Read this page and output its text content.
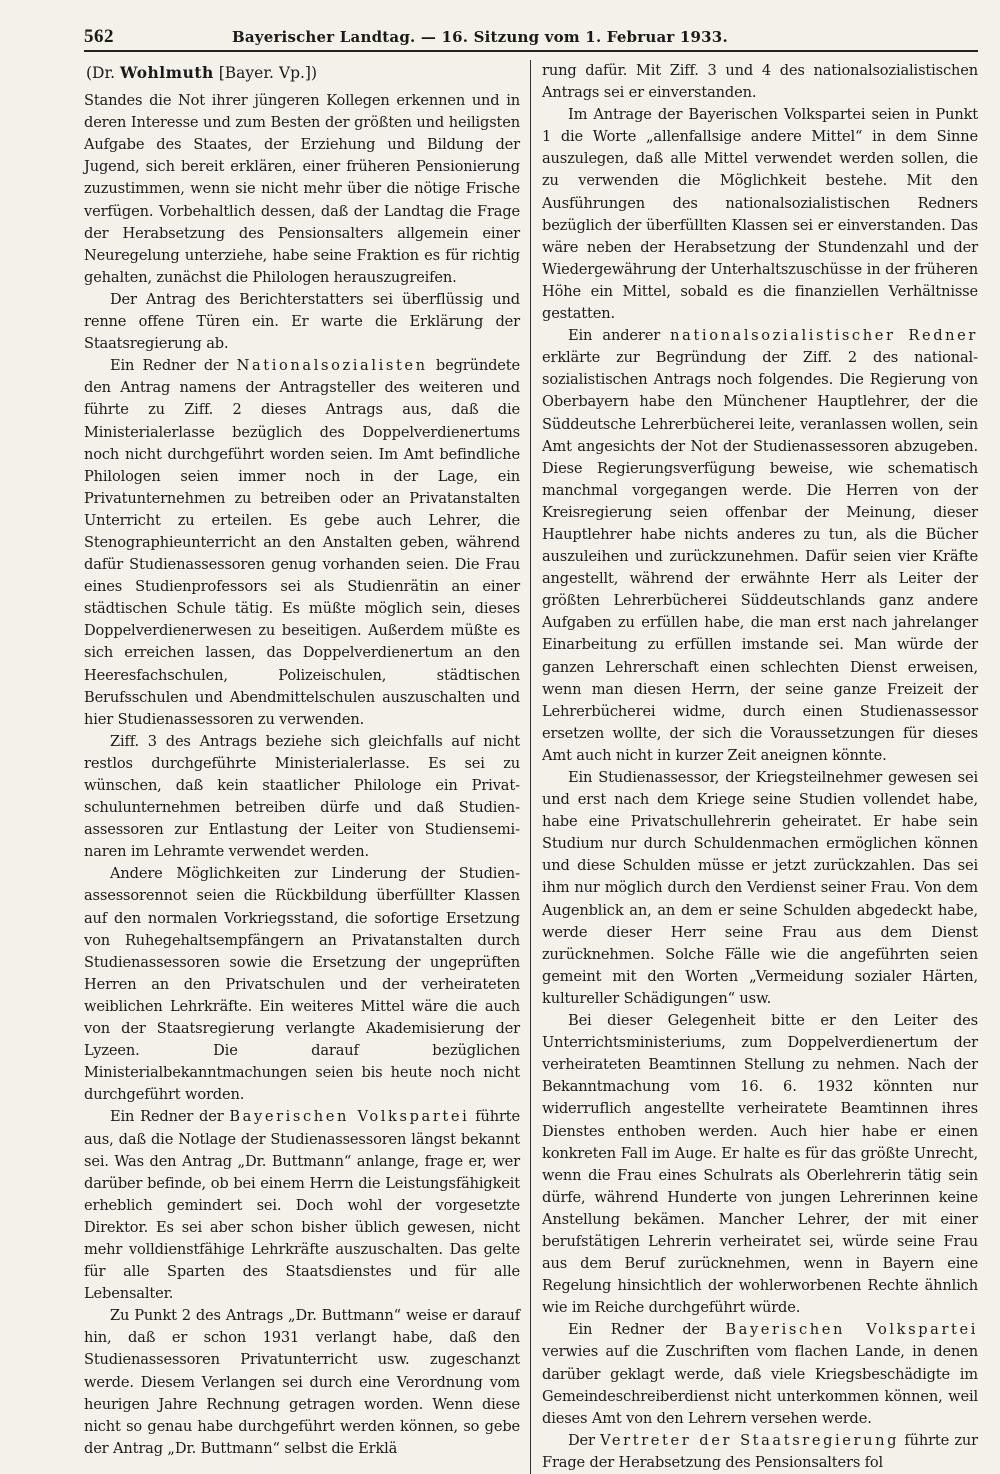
562	Bayerischer Landtag. — 16. Sitzung vom 1. Februar 1933.
(Dr. Wohlmuth [Bayer. Vp.])

Standes die Not ihrer jüngeren Kollegen erkennen und in deren Interesse und zum Besten der größten und heiligsten Aufgabe des Staates, der Erziehung und Bildung der Jugend, sich bereit erklären, einer früheren Pensionierung zuzustimmen, wenn sie nicht mehr über die nötige Frische verfügen. Vorbehaltlich dessen, daß der Landtag die Frage der Herabsetzung des Pensionsalters allgemein einer Neuregelung unterziehe, habe seine Fraktion es für richtig gehalten, zunächst die Philologen herauszugreifen.

Der Antrag des Berichterstatters sei überflüssig und renne offene Türen ein. Er warte die Erklärung der Staatsregierung ab.

Ein Redner der Nationalsozialisten begründete den Antrag namens der Antragsteller des weiteren und führte zu Ziff. 2 dieses Antrags aus, daß die Ministerialerlasse bezüglich des Doppelverdienertums noch nicht durchgeführt worden seien. Im Amt befindliche Philologen seien immer noch in der Lage, ein Privatunternehmen zu betreiben oder an Privatanstalten Unterricht zu erteilen. Es gebe auch Lehrer, die Stenographieunterricht an den Anstalten geben, während dafür Studienassessoren genug vorhanden seien. Die Frau eines Studienprofessors sei als Studienrätin an einer städtischen Schule tätig. Es müßte möglich sein, dieses Doppelverdienerwesen zu beseitigen. Außerdem müßte es sich erreichen lassen, das Doppelverdienertum an den Heeresfachschulen, Polizeischulen, städtischen Berufsschulen und Abendmittelschulen auszuschalten und hier Studienassessoren zu verwenden.

Ziff. 3 des Antrags beziehe sich gleichfalls auf nicht restlos durchgeführte Ministerialerlasse. Es sei zu wünschen, daß kein staatlicher Philologe ein Privatschulunternehmen betreiben dürfe und daß Studienassessoren zur Entlastung der Leiter von Studienseminaren im Lehramte verwendet werden.

Andere Möglichkeiten zur Linderung der Studienassessorennot seien die Rückbildung überfüllter Klassen auf den normalen Vorkriegsstand, die sofortige Ersetzung von Ruhegehaltsempfängern an Privatanstalten durch Studienassessoren sowie die Ersetzung der ungeprüften Herren an den Privatschulen und der verheirateten weiblichen Lehrkräfte. Ein weiteres Mittel wäre die auch von der Staatsregierung verlangte Akademisierung der Lyzeen. Die darauf bezüglichen Ministerialbekanntmachungen seien bis heute noch nicht durchgeführt worden.

Ein Redner der Bayerischen Volkspartei führte aus, daß die Notlage der Studienassessoren längst bekannt sei. Was den Antrag „Dr. Buttmann“ anlange, frage er, wer darüber befinde, ob bei einem Herrn die Leistungsfähigkeit erheblich gemindert sei. Doch wohl der vorgesetzte Direktor. Es sei aber schon bisher üblich gewesen, nicht mehr volldienstfähige Lehrkräfte auszuschalten. Das gelte für alle Sparten des Staatsdienstes und für alle Lebensalter.

Zu Punkt 2 des Antrags „Dr. Buttmann“ weise er darauf hin, daß er schon 1931 verlangt habe, daß den Studienassessoren Privatunterricht usw. zugeschanzt werde. Diesem Verlangen sei durch eine Verordnung vom heurigen Jahre Rechnung getragen worden. Wenn diese nicht so genau habe durchgeführt werden können, so gebe der Antrag „Dr. Buttmann“ selbst die Erklä

rung dafür. Mit Ziff. 3 und 4 des nationalsozialistischen Antrags sei er einverstanden.

Im Antrage der Bayerischen Volkspartei seien in Punkt 1 die Worte „allenfallsige andere Mittel“ in dem Sinne auszulegen, daß alle Mittel verwendet werden sollen, die zu verwenden die Möglichkeit bestehe. Mit den Ausführungen des nationalsozialistischen Redners bezüglich der überfüllten Klassen sei er einverstanden. Das wäre neben der Herabsetzung der Stundenzahl und der Wiedergewährung der Unterhaltszuschüsse in der früheren Höhe ein Mittel, sobald es die finanziellen Verhältnisse gestatten.

Ein anderer nationalsozialistischer Redner erklärte zur Begründung der Ziff. 2 des nationalsozialistischen Antrags noch folgendes. Die Regierung von Oberbayern habe den Münchener Hauptlehrer, der die Süddeutsche Lehrerbücherei leite, veranlassen wollen, sein Amt angesichts der Not der Studienassessoren abzugeben. Diese Regierungsverfügung beweise, wie schematisch manchmal vorgegangen werde. Die Herren von der Kreisregierung seien offenbar der Meinung, dieser Hauptlehrer habe nichts anderes zu tun, als die Bücher auszuleihen und zurückzunehmen. Dafür seien vier Kräfte angestellt, während der erwähnte Herr als Leiter der größten Lehrerbücherei Süddeutschlands ganz andere Aufgaben zu erfüllen habe, die man erst nach jahrelanger Einarbeitung zu erfüllen imstande sei. Man würde der ganzen Lehrerschaft einen schlechten Dienst erweisen, wenn man diesen Herrn, der seine ganze Freizeit der Lehrerbücherei widme, durch einen Studienassessor ersetzen wollte, der sich die Voraussetzungen für dieses Amt auch nicht in kurzer Zeit aneignen könnte.

Ein Studienassessor, der Kriegsteilnehmer gewesen sei und erst nach dem Kriege seine Studien vollendet habe, habe eine Privatschullehrerin geheiratet. Er habe sein Studium nur durch Schuldenmachen ermöglichen können und diese Schulden müsse er jetzt zurückzahlen. Das sei ihm nur möglich durch den Verdienst seiner Frau. Von dem Augenblick an, an dem er seine Schulden abgedeckt habe, werde dieser Herr seine Frau aus dem Dienst zurücknehmen. Solche Fälle wie die angeführten seien gemeint mit den Worten „Vermeidung sozialer Härten, kultureller Schädigungen“ usw.

Bei dieser Gelegenheit bitte er den Leiter des Unterrichtsministeriums, zum Doppelverdienertum der verheirateten Beamtinnen Stellung zu nehmen. Nach der Bekanntmachung vom 16. 6. 1932 könnten nur widerruflich angestellte verheiratete Beamtinnen ihres Dienstes enthoben werden. Auch hier habe er einen konkreten Fall im Auge. Er halte es für das größte Unrecht, wenn die Frau eines Schulrats als Oberlehrerin tätig sein dürfe, während Hunderte von jungen Lehrerinnen keine Anstellung bekämen. Mancher Lehrer, der mit einer berufstätigen Lehrerin verheiratet sei, würde seine Frau aus dem Beruf zurücknehmen, wenn in Bayern eine Regelung hinsichtlich der wohlerworbenen Rechte ähnlich wie im Reiche durchgeführt würde.

Ein Redner der Bayerischen Volkspartei verwies auf die Zuschriften vom flachen Lande, in denen darüber geklagt werde, daß viele Kriegsbeschädigte im Gemeindeschreiberdienst nicht unterkommen können, weil dieses Amt von den Lehrern versehen werde.

Der Vertreter der Staatsregierung führte zur Frage der Herabsetzung des Pensionsalters fol
